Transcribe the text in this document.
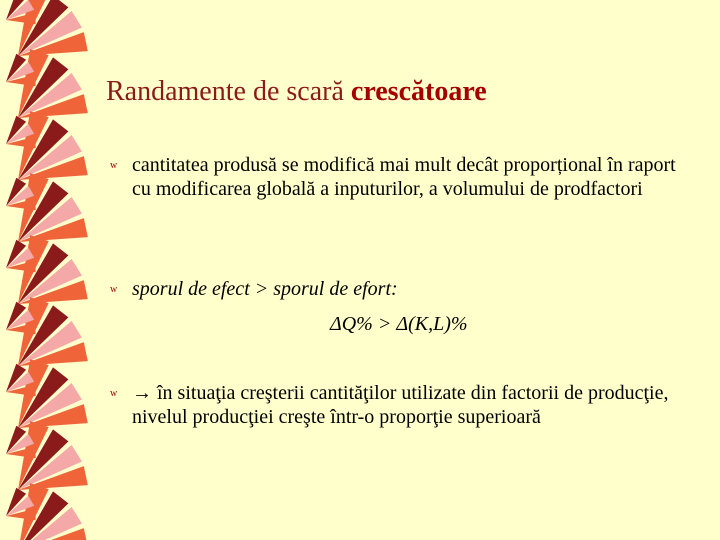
Randamente de scară crescătoare
w cantitatea produsă se modifică mai mult decât proporțional în raport cu modificarea globală a inputurilor, a volumului de prodfactori
w sporul de efect > sporul de efort:
ΔQ% > Δ(K,L)%
w → în situaţia creşterii cantităţilor utilizate din factorii de producţie, nivelul producţiei creşte într-o proporţie superioară
